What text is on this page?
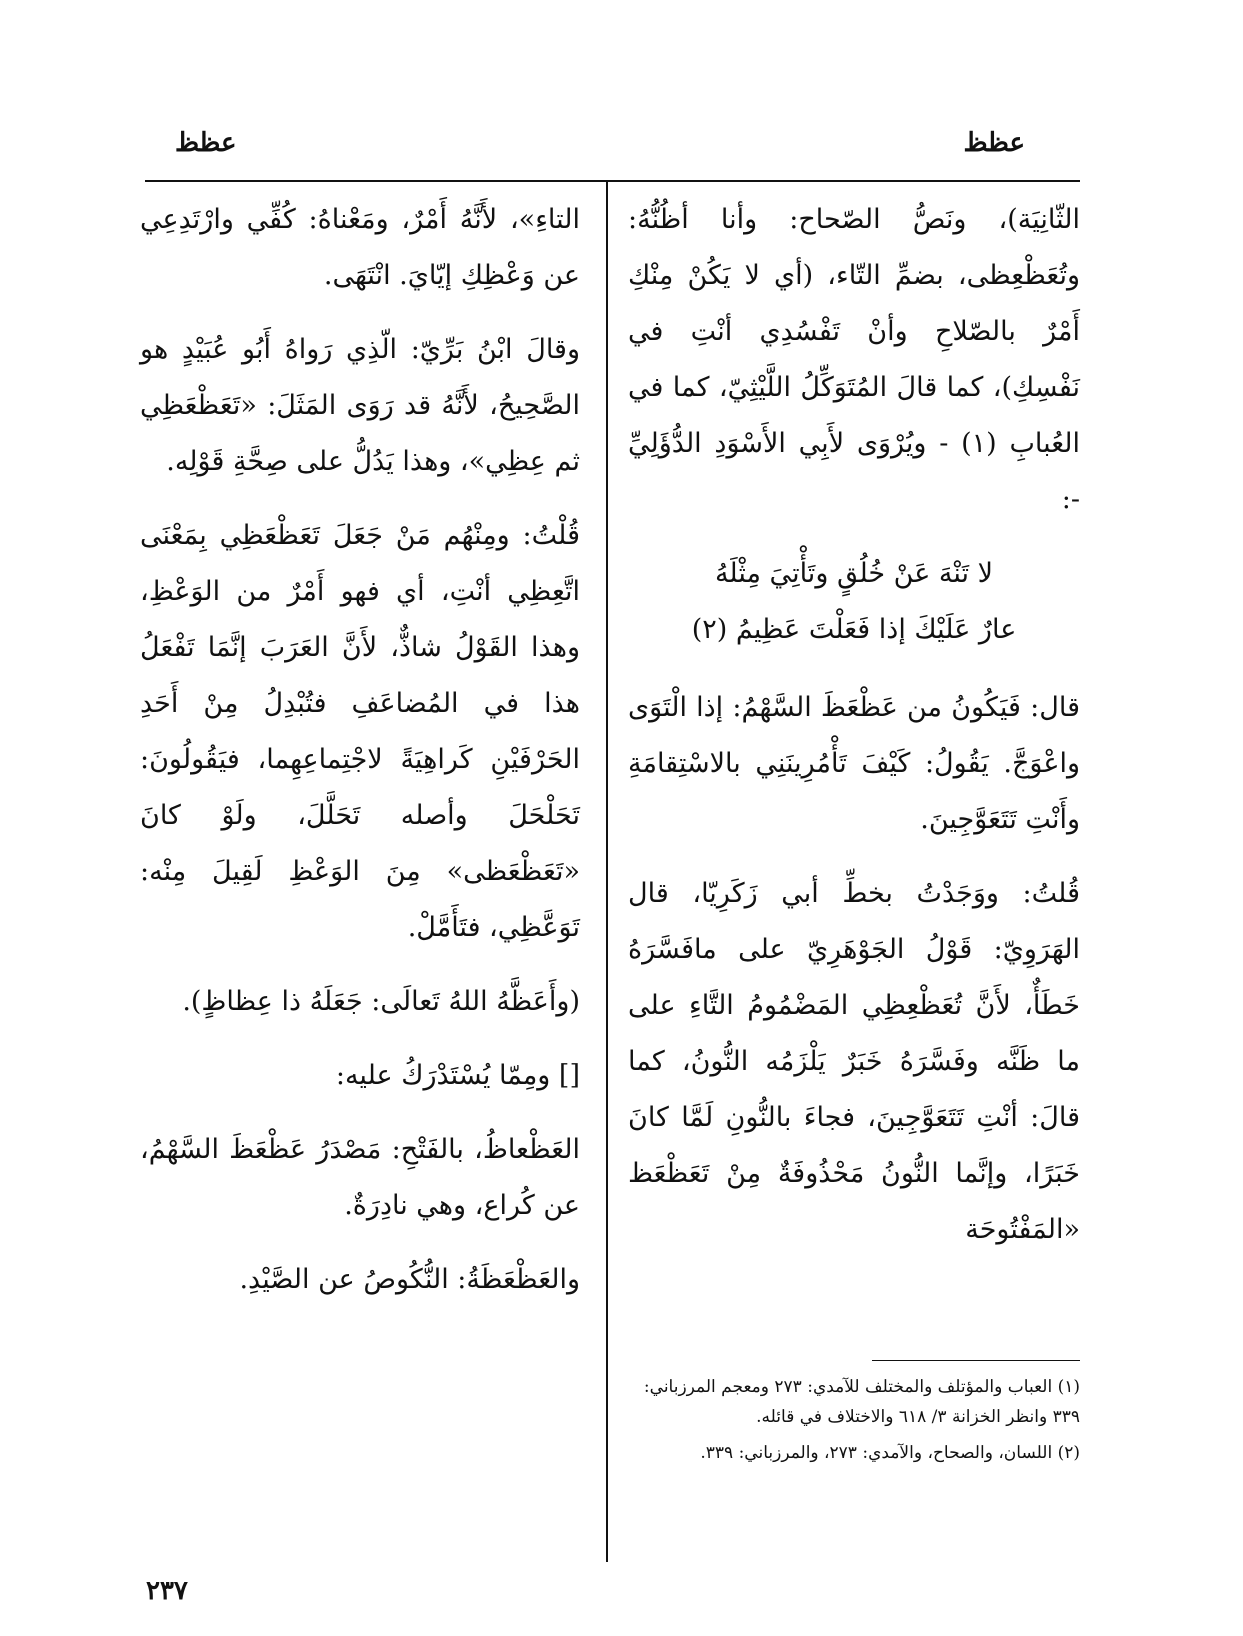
عظظ
عظظ

الثّانِيَة)، ونَصُّ الصّحاح: وأنا أظُنُّهُ: وتُعَظْعِظى، بضمِّ التّاء، (أي لا يَكُنْ مِنْكِ أَمْرٌ بالصّلاحِ وأنْ تَفْسُدِي أنْتِ في نَفْسِكِ)، كما قالَ المُتَوَكِّلُ اللَّيْثِيّ، كما في العُبابِ (١) - ويُرْوَى لأَبِي الأَسْوَدِ الدُّؤَلِيِّ -:

لا تَنْهَ عَنْ خُلُقٍ وتَأْتِيَ مِثْلَهُ
عارٌ عَلَيْكَ إذا فَعَلْتَ عَظِيمُ (٢)

قال: فَيَكُونُ من عَظْعَظَ السَّهْمُ: إذا الْتَوَى واعْوَجَّ. يَقُولُ: كَيْفَ تَأْمُرِينَنِي بالاسْتِقامَةِ وأَنْتِ تَتَعَوَّجِينَ.

قُلتُ: ووَجَدْتُ بخطِّ أبي زَكَرِيّا، قال الهَرَوِيّ: قَوْلُ الجَوْهَرِيّ على مافَسَّرَهُ خَطَأٌ، لأَنَّ تُعَظْعِظِي المَضْمُومُ التَّاءِ على ما ظَنَّه وفَسَّرَهُ خَبَرٌ يَلْزَمُه النُّونُ، كما قالَ: أنْتِ تَتَعَوَّجِينَ، فجاءَ بالنُّونِ لَمَّا كانَ خَبَرًا، وإنَّما النُّونُ مَحْذُوفَةٌ مِنْ تَعَظْعَظ «المَفْتُوحَة

التاءِ»، لأَنَّهُ أَمْرٌ، ومَعْناهُ: كُفِّي وارْتَدِعِي عن وَعْظِكِ إيّايَ. انْتَهَى.

وقالَ ابْنُ بَرِّيّ: الّذِي رَواهُ أَبُو عُبَيْدٍ هو الصَّحِيحُ، لأَنَّهُ قد رَوَى المَثَلَ: «تَعَظْعَظِي ثم عِظِي»، وهذا يَدُلُّ على صِحَّةِ قَوْلِه.

قُلْتُ: ومِنْهُم مَنْ جَعَلَ تَعَظْعَظِي بِمَعْنَى اتَّعِظِي أنْتِ، أي فهو أَمْرٌ من الوَعْظِ، وهذا القَوْلُ شاذٌّ، لأَنَّ العَرَبَ إنَّمَا تَفْعَلُ هذا في المُضاعَفِ فتُبْدِلُ مِنْ أَحَدِ الحَرْفَيْنِ كَراهِيَةً لاجْتِماعِهِما، فيَقُولُونَ: تَحَلْحَلَ وأصله تَحَلَّلَ، ولَوْ كانَ «تَعَظْعَظى» مِنَ الوَعْظِ لَقِيلَ مِنْه: تَوَعَّظِي، فتَأَمَّلْ.

(وأَعَظَّهُ اللهُ تَعالَى: جَعَلَهُ ذا عِظاظٍ).

[] ومِمّا يُسْتَدْرَكُ عليه:

العَظْعاظُ، بالفَتْحِ: مَصْدَرُ عَظْعَظَ السَّهْمُ، عن كُراع، وهي نادِرَةٌ.

والعَظْعَظَةُ: النُّكُوصُ عن الصَّيْدِ.

(١) العباب والمؤتلف والمختلف للآمدي: ٢٧٣ ومعجم المرزباني: ٣٣٩ وانظر الخزانة ٣/ ٦١٨ والاختلاف في قائله.

(٢) اللسان، والصحاح، والآمدي: ٢٧٣، والمرزباني: ٣٣٩.

٢٣٧
